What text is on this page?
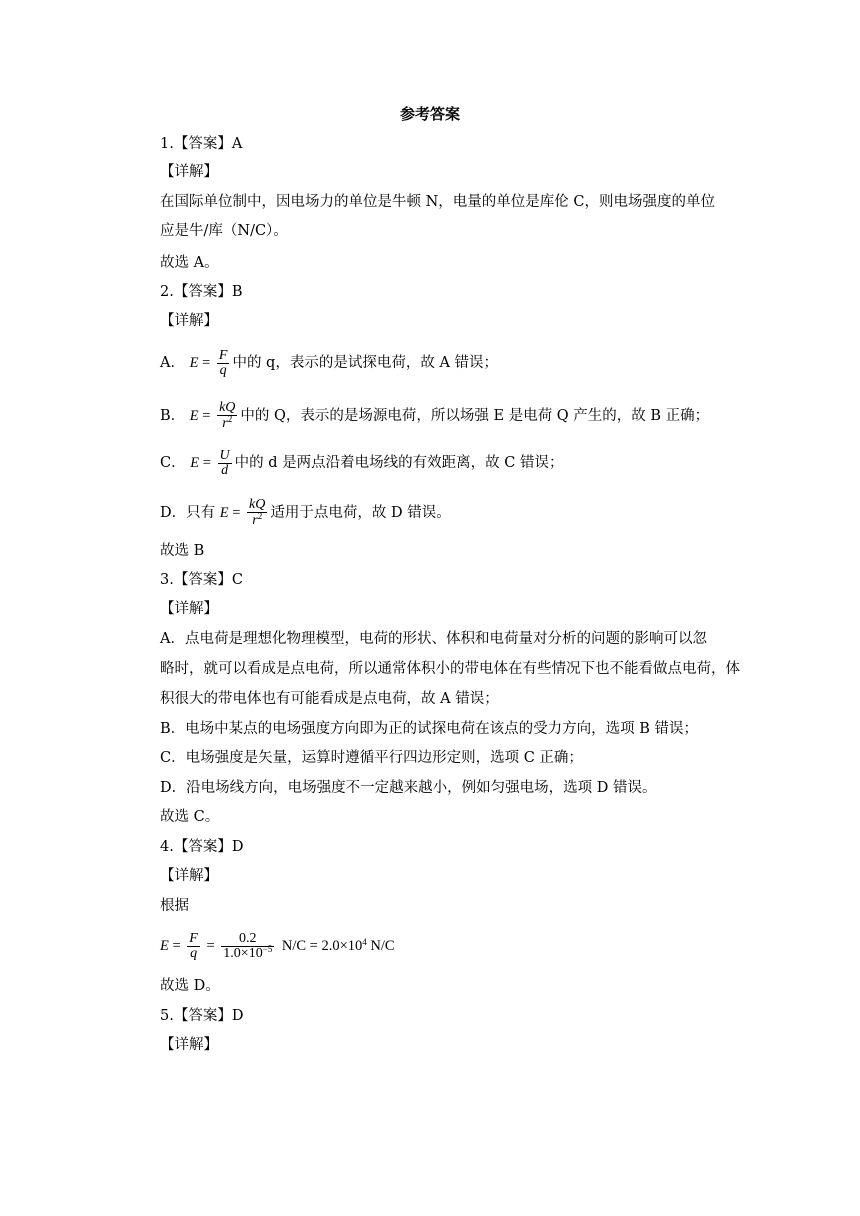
参考答案
1.【答案】A
【详解】
在国际单位制中，因电场力的单位是牛顿 N，电量的单位是库伦 C，则电场强度的单位
应是牛/库（N/C）。
故选 A。
2.【答案】B
【详解】
A． $E = \frac{F}{q}$ 中的 q，表示的是试探电荷，故 A 错误；
B． $E = \frac{kQ}{r^2}$ 中的 Q，表示的是场源电荷，所以场强 E 是电荷 Q 产生的，故 B 正确；
C． $E = \frac{U}{d}$ 中的 d 是两点沿着电场线的有效距离，故 C 错误；
D．只有 $E = \frac{kQ}{r^2}$ 适用于点电荷，故 D 错误。
故选 B
3.【答案】C
【详解】
A．点电荷是理想化物理模型，电荷的形状、体积和电荷量对分析的问题的影响可以忽
略时，就可以看成是点电荷，所以通常体积小的带电体在有些情况下也不能看做点电荷，体
积很大的带电体也有可能看成是点电荷，故 A 错误；
B．电场中某点的电场强度方向即为正的试探电荷在该点的受力方向，选项 B 错误；
C．电场强度是矢量，运算时遵循平行四边形定则，选项 C 正确；
D．沿电场线方向，电场强度不一定越来越小，例如匀强电场，选项 D 错误。
故选 C。
4.【答案】D
【详解】
根据
$E = \frac{F}{q} = \frac{0.2}{1.0\times 10^{-5}} N/C = 2.0\times 10^4$ N/C
故选 D。
5.【答案】D
【详解】
